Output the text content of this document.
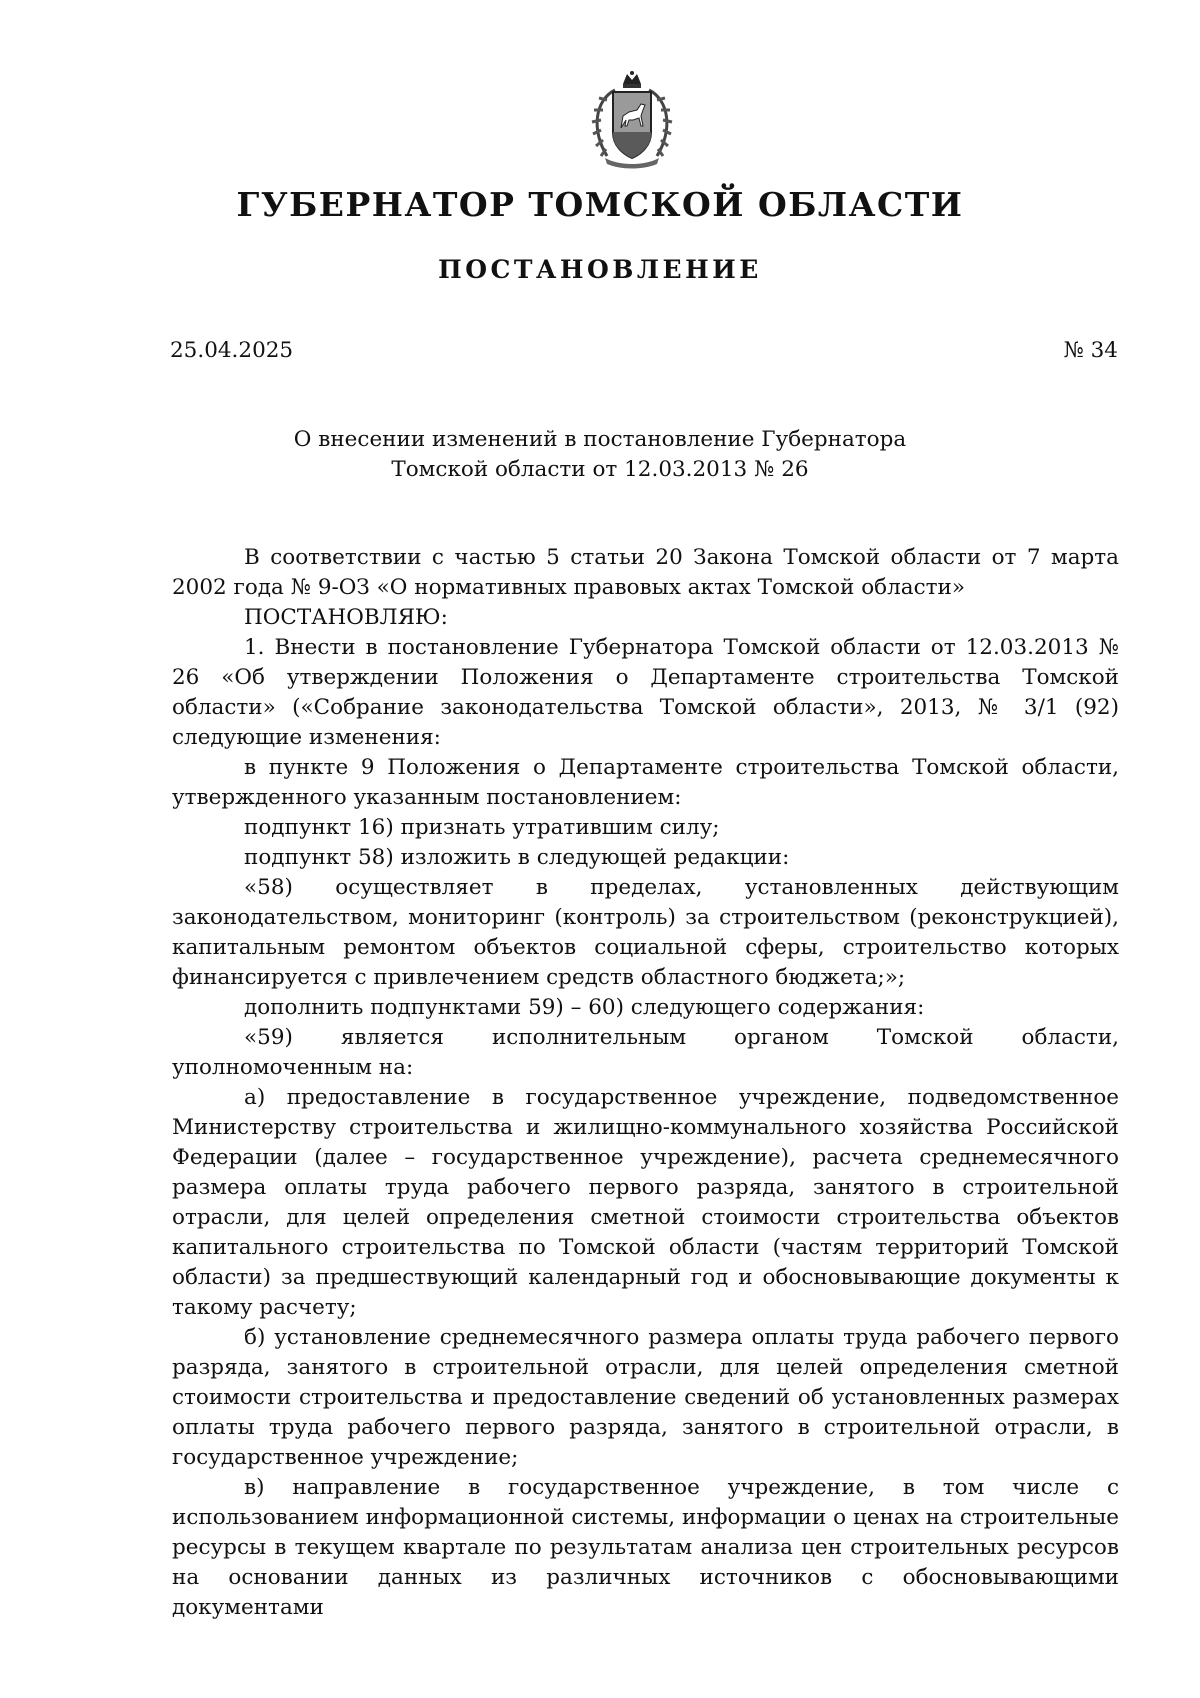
ГУБЕРНАТОР ТОМСКОЙ ОБЛАСТИ
ПОСТАНОВЛЕНИЕ
25.04.2025	№ 34
О внесении изменений в постановление Губернатора
Томской области от 12.03.2013 № 26

В соответствии с частью 5 статьи 20 Закона Томской области от 7 марта 2002 года № 9-ОЗ «О нормативных правовых актах Томской области»

ПОСТАНОВЛЯЮ:

1. Внести в постановление Губернатора Томской области от 12.03.2013 № 26 «Об утверждении Положения о Департаменте строительства Томской области» («Собрание законодательства Томской области», 2013, № 3/1 (92) следующие изменения:

в пункте 9 Положения о Департаменте строительства Томской области, утвержденного указанным постановлением:

подпункт 16) признать утратившим силу;

подпункт 58) изложить в следующей редакции:

«58) осуществляет в пределах, установленных действующим законодательством, мониторинг (контроль) за строительством (реконструкцией), капитальным ремонтом объектов социальной сферы, строительство которых финансируется с привлечением средств областного бюджета;»;

дополнить подпунктами 59) – 60) следующего содержания:

«59) является исполнительным органом Томской области, уполномоченным на:

а) предоставление в государственное учреждение, подведомственное Министерству строительства и жилищно-коммунального хозяйства Российской Федерации (далее – государственное учреждение), расчета среднемесячного размера оплаты труда рабочего первого разряда, занятого в строительной отрасли, для целей определения сметной стоимости строительства объектов капитального строительства по Томской области (частям территорий Томской области) за предшествующий календарный год и обосновывающие документы к такому расчету;

б) установление среднемесячного размера оплаты труда рабочего первого разряда, занятого в строительной отрасли, для целей определения сметной стоимости строительства и предоставление сведений об установленных размерах оплаты труда рабочего первого разряда, занятого в строительной отрасли, в государственное учреждение;

в) направление в государственное учреждение, в том числе с использованием информационной системы, информации о ценах на строительные ресурсы в текущем квартале по результатам анализа цен строительных ресурсов на основании данных из различных источников с обосновывающими документами
